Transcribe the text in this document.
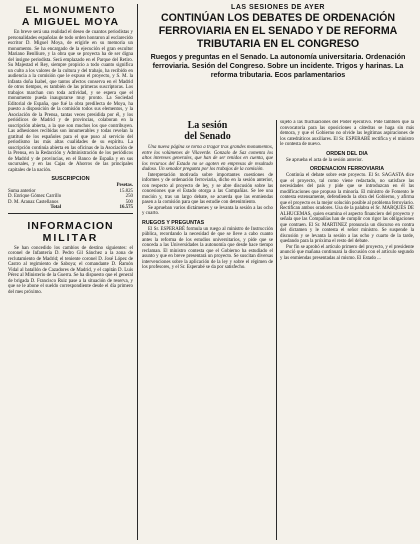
EL MONUMENTO
A MIGUEL MOYA

En breve será una realidad el deseo de cuantos periodistas y personalidades españolas de todo orden honraron al esclarecido escritor D. Miguel Moya, de erigirle en su memoria un monumento. Se ha encargado de la ejecución el gran escultor Mariano Benlliure, y la obra que se proyecta ha de ser digna del insigne periodista. Será emplazado en el Parque del Retiro. Su Majestad el Rey, siempre propicio a todo cuanto significa un culto a los valores de la cultura y del trabajo, ha recibido en audiencia a la comisión que le expuso el proyecto, y S. M. la infanta doña Isabel, que tantos afectos conserva en el Madrid de otros tiempos, es también de las primeras suscriptoras. Los trabajos marchan con toda actividad, y se espera que el monumento pueda inaugurarse muy pronto. La Sociedad Editorial de España, que fué la obra predilecta de Moya, ha puesto a disposición de la comisión todos sus elementos, y la Asociación de la Prensa, tantas veces presidida por él, y los periódicos de Madrid y de provincias, colaboran en la suscripción abierta, a la que son muchos los que contribuyen. Las adhesiones recibidas son innumerables y todas revelan la gratitud de los españoles para el que puso al servicio del periodismo las más altas cualidades de su espíritu. La suscripción continúa abierta en las oficinas de la Asociación de la Prensa, en la Redacción y Administración de los periódicos de Madrid y de provincias, en el Banco de España y en sus sucursales, y en las Cajas de Ahorros de las principales capitales de la nación.

SUSCRIPCION
	Pesetas.
Suma anterior	15.825
D. Enrique Gómez Carrillo	250
D. M. Aranaz Castellanos	500
Total	16.575
INFORMACION
MILITAR

Se han concedido los cambios de destino siguientes: el coronel de Infantería D. Pedro Gil Sánchez a la zona de reclutamiento de Madrid; el teniente coronel D. José López de Castro al regimiento de Saboya; el comandante D. Ramón Vidal al batallón de Cazadores de Madrid, y el capitán D. Luis Pérez al Ministerio de la Guerra. Se ha dispuesto que el general de brigada D. Francisco Ruiz pase a la situación de reserva, y que se le abone el sueldo correspondiente desde el día primero del mes próximo.

LAS SESIONES DE AYER
CONTINÚAN LOS DEBATES DE ORDENACIÓN FERROVIARIA EN EL SENADO Y DE REFORMA TRIBUTARIA EN EL CONGRESO
Ruegos y preguntas en el Senado. La autonomía universitaria. Ordenación ferroviaria. Sesión del Congreso. Sobre un incidente. Trigos y harinas. La reforma tributaria. Ecos parlamentarios
La sesión
del Senado

Una nueva página se torna a tragar tras grandes monumentos, entre los volúmenes de Vilaverde. Gonzalo de Saz comenta los altos intereses generales, que han de ser tenidos en cuenta, que los recursos del Estado no se agoten en empresas de resultado dudoso. Un senador pregunta por los trabajos de la comisión.

Interpretación motivada sobre importantes cuestiones de informes y de ordenación ferroviaria, dicho en la sesión anterior, con respecto al proyecto de ley, y se abre discusión sobre las concesiones que el Estado otorga a las Compañías. Se lee una moción y, tras un largo debate, se acuerda que las enmiendas pasen a la comisión para que las estudie con detenimiento.

Se aprueban varios dictámenes y se levanta la sesión a las ocho y cuarto.

RUEGOS Y PREGUNTAS

El Sr. ESPERABÉ formula un ruego al ministro de Instrucción pública, recordando la necesidad de que se lleve a cabo cuanto antes la reforma de los estudios universitarios, y pide que se conceda a las Universidades la autonomía que desde hace tiempo reclaman. El ministro contesta que el Gobierno ha estudiado el asunto y que en breve presentará un proyecto. Se suscitan diversas intervenciones sobre la aplicación de la ley y sobre el régimen de los profesores, y el Sr. Esperabé se da por satisfecho.

sujeto a las fluctuaciones del Poder ejecutivo. Pide también que la convocatoria para las oposiciones a cátedras se haga sin más demora, y que el Gobierno no olvide las legítimas aspiraciones de los catedráticos auxiliares. El Sr. ESPERABÉ rectifica y el ministro le contesta de nuevo.

ORDEN DEL DIA

Se aprueba el acta de la sesión anterior.

ORDENACION FERROVIARIA

Continúa el debate sobre este proyecto. El Sr. SAGASTA dice que el proyecto, tal como viene redactado, no satisface las necesidades del país y pide que se introduzcan en él las modificaciones que propuso la minoría. El ministro de Fomento le contesta extensamente, defendiendo la obra del Gobierno, y afirma que el proyecto es la mejor solución posible al problema ferroviario. Rectifican ambos oradores. Usa de la palabra el Sr. MARQUÉS DE ALHUCEMAS, quien examina el aspecto financiero del proyecto y señala que las Compañías han de cumplir con rigor las obligaciones que contraen. El Sr. MARTINEZ pronuncia un discurso en contra del dictamen y le contesta el señor ministro. Se suspende la discusión y se levanta la sesión a las ocho y cuarto de la tarde, quedando para la próxima el resto del debate.

Por fin se aprobó el artículo primero del proyecto, y el presidente anunció que mañana continuará la discusión con el artículo segundo y las enmiendas presentadas al mismo. El Estado ...
